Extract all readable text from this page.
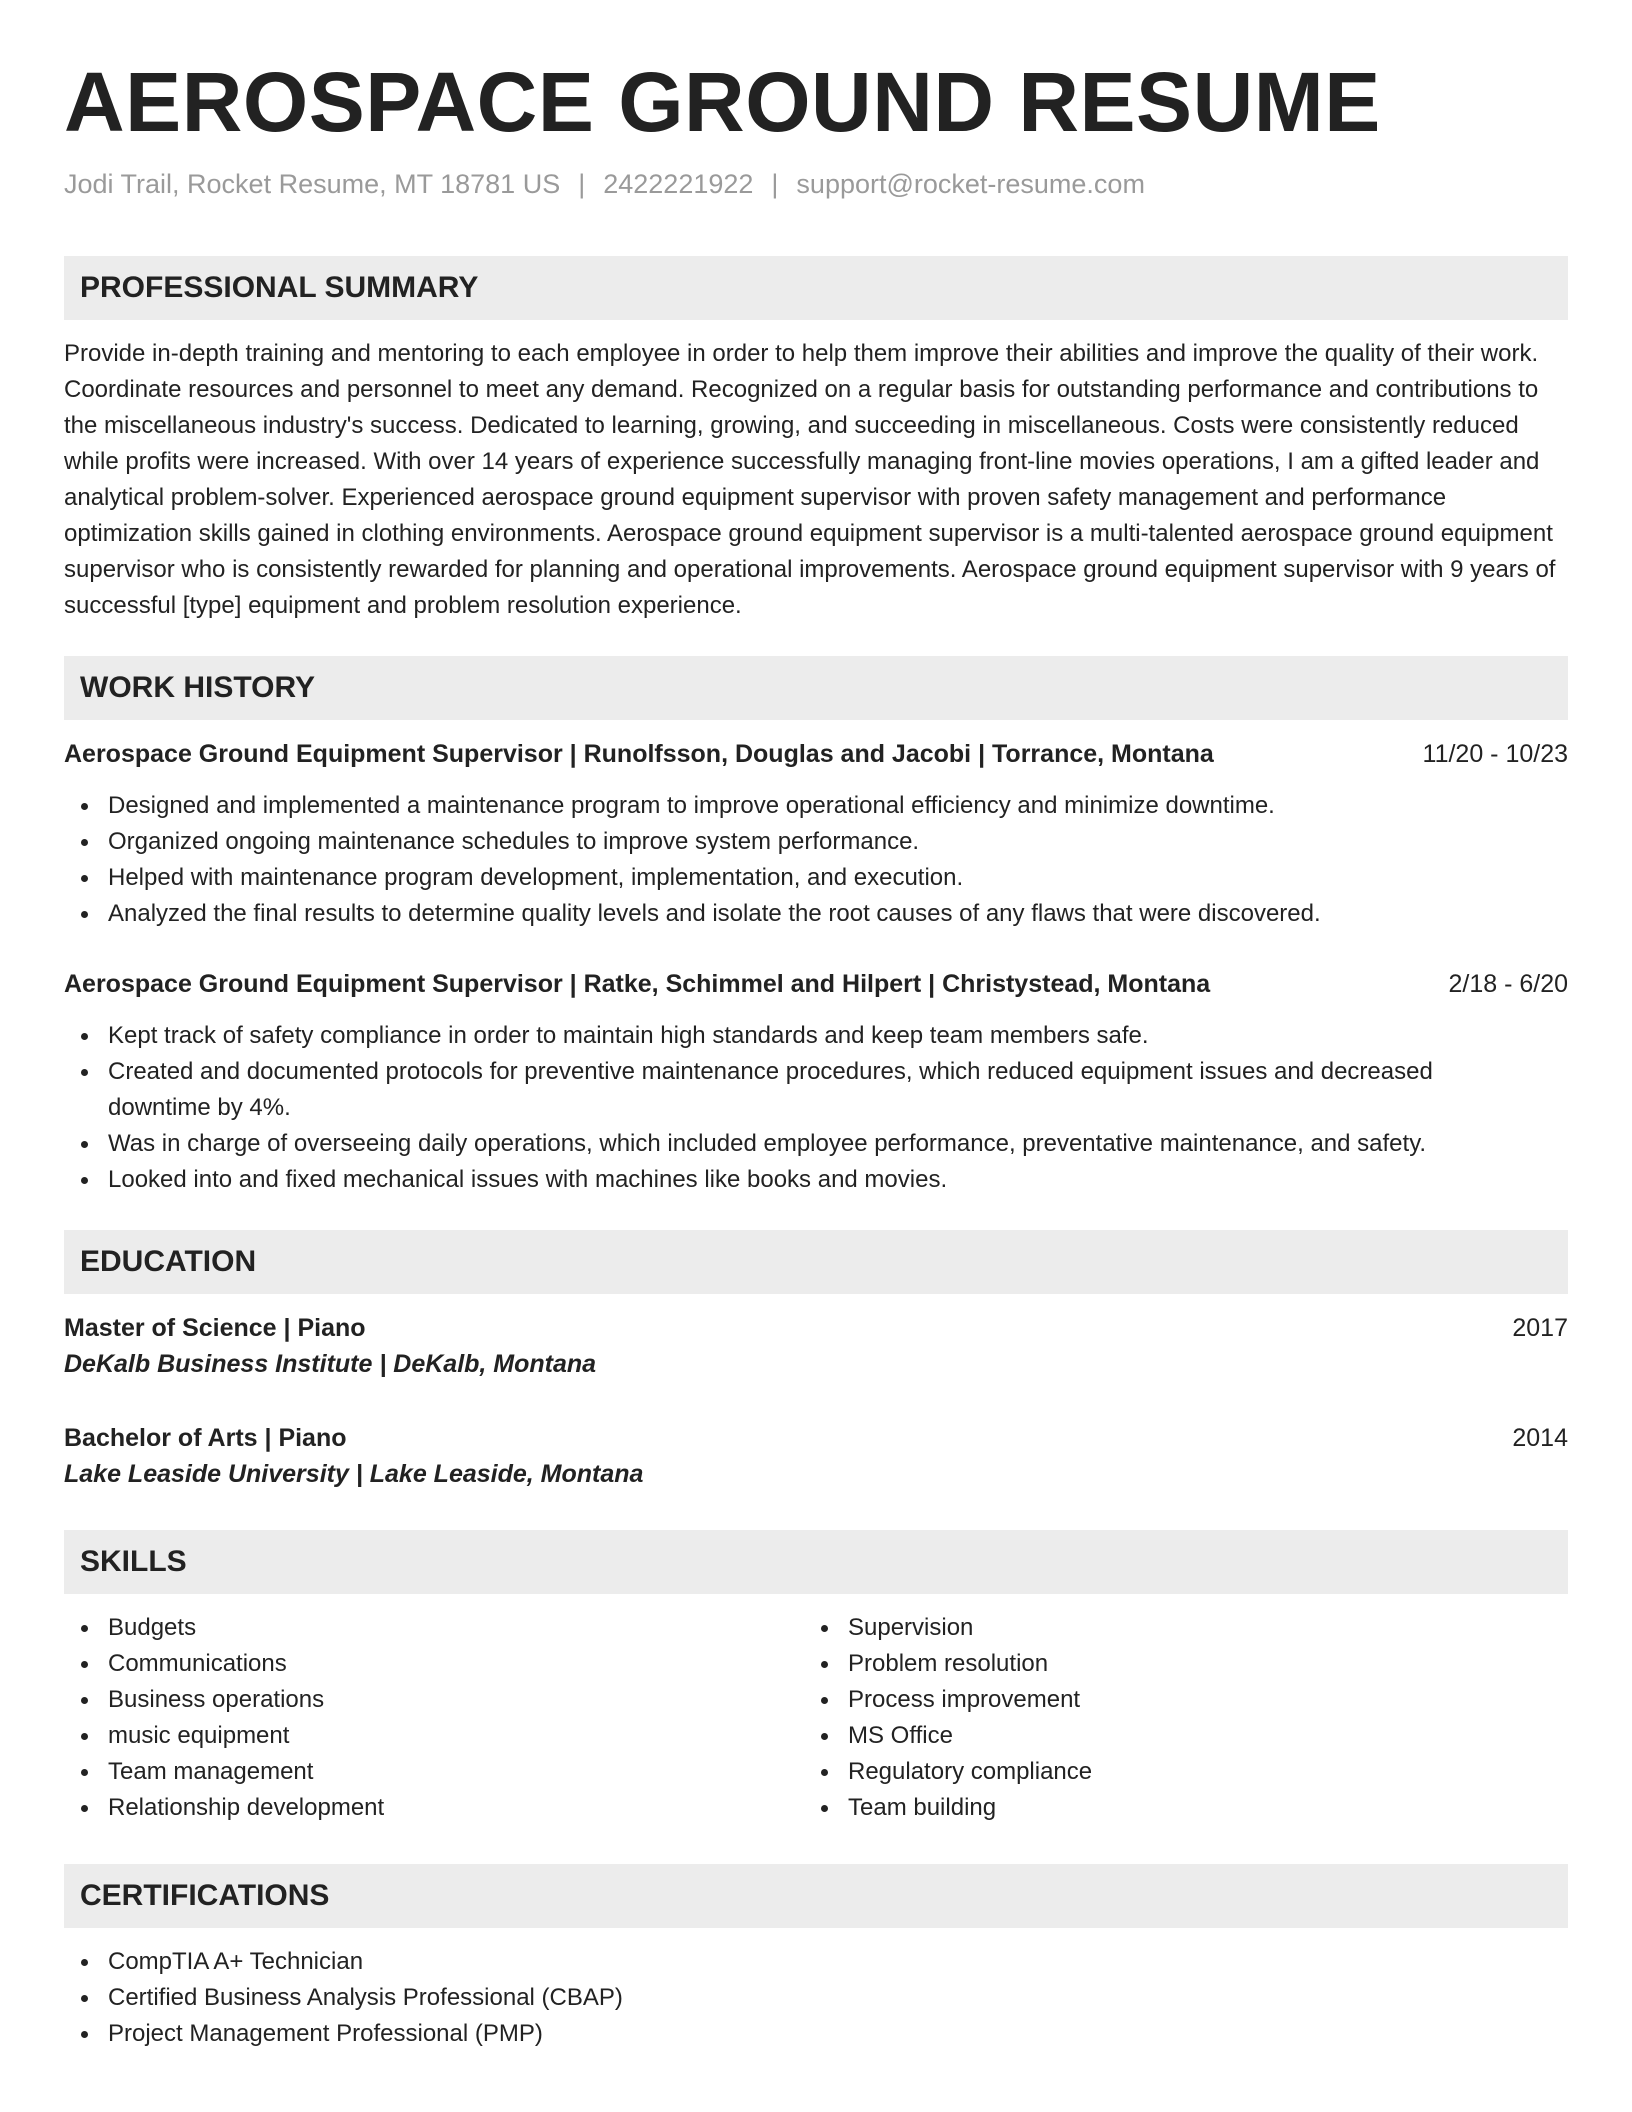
AEROSPACE GROUND RESUME
Jodi Trail, Rocket Resume, MT 18781 US | 2422221922 | support@rocket-resume.com
PROFESSIONAL SUMMARY
Provide in-depth training and mentoring to each employee in order to help them improve their abilities and improve the quality of their work. Coordinate resources and personnel to meet any demand. Recognized on a regular basis for outstanding performance and contributions to the miscellaneous industry's success. Dedicated to learning, growing, and succeeding in miscellaneous. Costs were consistently reduced while profits were increased. With over 14 years of experience successfully managing front-line movies operations, I am a gifted leader and analytical problem-solver. Experienced aerospace ground equipment supervisor with proven safety management and performance optimization skills gained in clothing environments. Aerospace ground equipment supervisor is a multi-talented aerospace ground equipment supervisor who is consistently rewarded for planning and operational improvements. Aerospace ground equipment supervisor with 9 years of successful [type] equipment and problem resolution experience.
WORK HISTORY
Aerospace Ground Equipment Supervisor | Runolfsson, Douglas and Jacobi | Torrance, Montana	11/20 - 10/23
Designed and implemented a maintenance program to improve operational efficiency and minimize downtime.
Organized ongoing maintenance schedules to improve system performance.
Helped with maintenance program development, implementation, and execution.
Analyzed the final results to determine quality levels and isolate the root causes of any flaws that were discovered.
Aerospace Ground Equipment Supervisor | Ratke, Schimmel and Hilpert | Christystead, Montana	2/18 - 6/20
Kept track of safety compliance in order to maintain high standards and keep team members safe.
Created and documented protocols for preventive maintenance procedures, which reduced equipment issues and decreased downtime by 4%.
Was in charge of overseeing daily operations, which included employee performance, preventative maintenance, and safety.
Looked into and fixed mechanical issues with machines like books and movies.
EDUCATION
Master of Science | Piano	2017
DeKalb Business Institute | DeKalb, Montana
Bachelor of Arts | Piano	2014
Lake Leaside University | Lake Leaside, Montana
SKILLS
Budgets
Communications
Business operations
music equipment
Team management
Relationship development
Supervision
Problem resolution
Process improvement
MS Office
Regulatory compliance
Team building
CERTIFICATIONS
CompTIA A+ Technician
Certified Business Analysis Professional (CBAP)
Project Management Professional (PMP)
